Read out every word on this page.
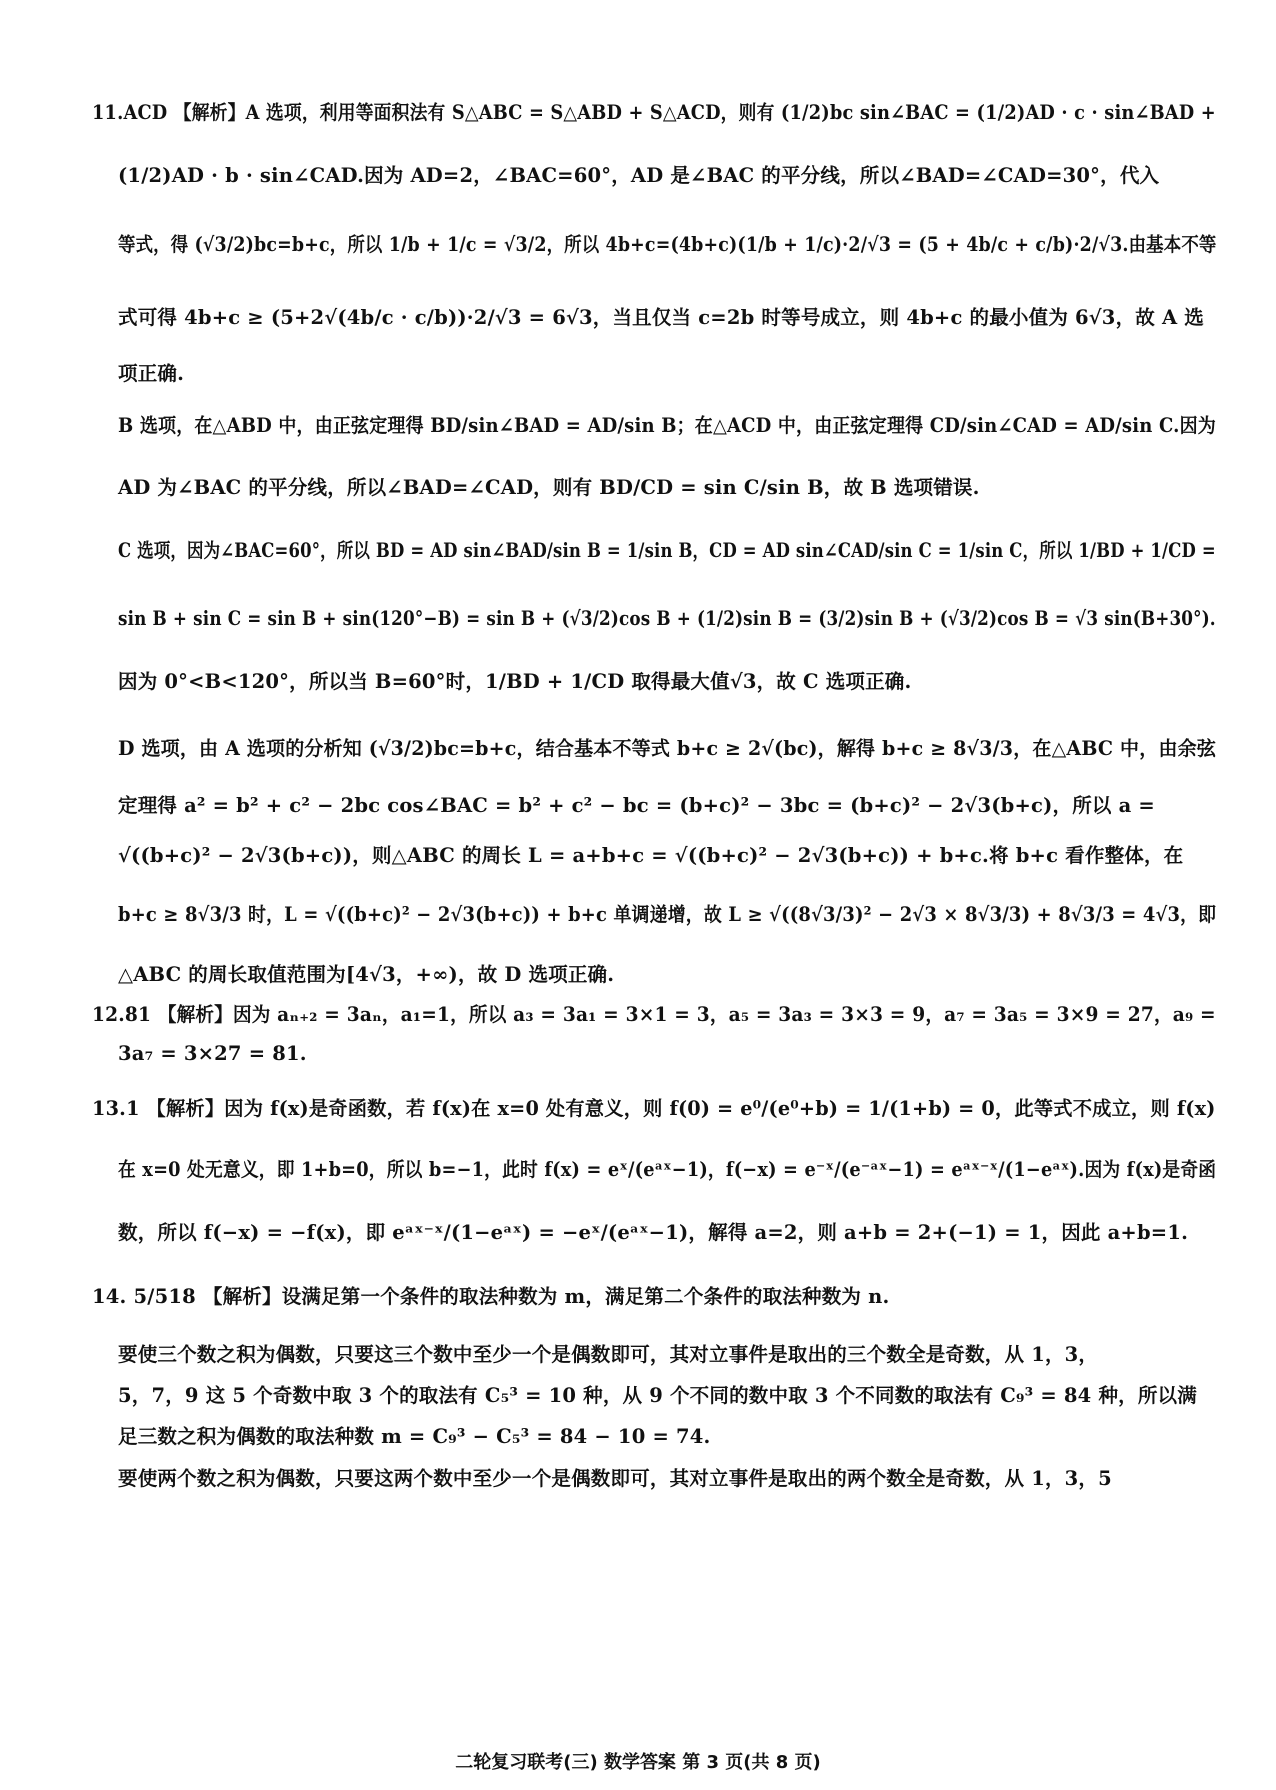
11.ACD 【解析】A 选项，利用等面积法有 S△ABC = S△ABD + S△ACD，则有 (1/2)bc sin∠BAC = (1/2)AD · c · sin∠BAD +
(1/2)AD · b · sin∠CAD.因为 AD=2，∠BAC=60°，AD 是∠BAC 的平分线，所以∠BAD=∠CAD=30°，代入
等式，得 (√3/2)bc=b+c，所以 1/b + 1/c = √3/2，所以 4b+c=(4b+c)(1/b + 1/c)·2/√3 = (5 + 4b/c + c/b)·2/√3.由基本不等
式可得 4b+c ≥ (5+2√(4b/c · c/b))·2/√3 = 6√3，当且仅当 c=2b 时等号成立，则 4b+c 的最小值为 6√3，故 A 选
项正确.
B 选项，在△ABD 中，由正弦定理得 BD/sin∠BAD = AD/sin B；在△ACD 中，由正弦定理得 CD/sin∠CAD = AD/sin C.因为
AD 为∠BAC 的平分线，所以∠BAD=∠CAD，则有 BD/CD = sin C/sin B，故 B 选项错误.
C 选项，因为∠BAC=60°，所以 BD = AD sin∠BAD/sin B = 1/sin B，CD = AD sin∠CAD/sin C = 1/sin C，所以 1/BD + 1/CD =
sin B + sin C = sin B + sin(120°−B) = sin B + (√3/2)cos B + (1/2)sin B = (3/2)sin B + (√3/2)cos B = √3 sin(B+30°).
因为 0°<B<120°，所以当 B=60°时，1/BD + 1/CD 取得最大值√3，故 C 选项正确.
D 选项，由 A 选项的分析知 (√3/2)bc=b+c，结合基本不等式 b+c ≥ 2√(bc)，解得 b+c ≥ 8√3/3，在△ABC 中，由余弦
定理得 a² = b² + c² − 2bc cos∠BAC = b² + c² − bc = (b+c)² − 3bc = (b+c)² − 2√3(b+c)，所以 a =
√((b+c)² − 2√3(b+c))，则△ABC 的周长 L = a+b+c = √((b+c)² − 2√3(b+c)) + b+c.将 b+c 看作整体，在
b+c ≥ 8√3/3 时，L = √((b+c)² − 2√3(b+c)) + b+c 单调递增，故 L ≥ √((8√3/3)² − 2√3 × 8√3/3) + 8√3/3 = 4√3，即
△ABC 的周长取值范围为[4√3，+∞)，故 D 选项正确.
12.81 【解析】因为 aₙ₊₂ = 3aₙ，a₁=1，所以 a₃ = 3a₁ = 3×1 = 3，a₅ = 3a₃ = 3×3 = 9，a₇ = 3a₅ = 3×9 = 27，a₉ =
3a₇ = 3×27 = 81.
13.1 【解析】因为 f(x)是奇函数，若 f(x)在 x=0 处有意义，则 f(0) = e⁰/(e⁰+b) = 1/(1+b) = 0，此等式不成立，则 f(x)
在 x=0 处无意义，即 1+b=0，所以 b=−1，此时 f(x) = eˣ/(eᵃˣ−1)，f(−x) = e⁻ˣ/(e⁻ᵃˣ−1) = eᵃˣ⁻ˣ/(1−eᵃˣ).因为 f(x)是奇函
数，所以 f(−x) = −f(x)，即 eᵃˣ⁻ˣ/(1−eᵃˣ) = −eˣ/(eᵃˣ−1)，解得 a=2，则 a+b = 2+(−1) = 1，因此 a+b=1.
14. 5/518 【解析】设满足第一个条件的取法种数为 m，满足第二个条件的取法种数为 n.
要使三个数之积为偶数，只要这三个数中至少一个是偶数即可，其对立事件是取出的三个数全是奇数，从 1，3，
5，7，9 这 5 个奇数中取 3 个的取法有 C₅³ = 10 种，从 9 个不同的数中取 3 个不同数的取法有 C₉³ = 84 种，所以满
足三数之积为偶数的取法种数 m = C₉³ − C₅³ = 84 − 10 = 74.
要使两个数之积为偶数，只要这两个数中至少一个是偶数即可，其对立事件是取出的两个数全是奇数，从 1，3，5
二轮复习联考(三) 数学答案 第 3 页(共 8 页)
